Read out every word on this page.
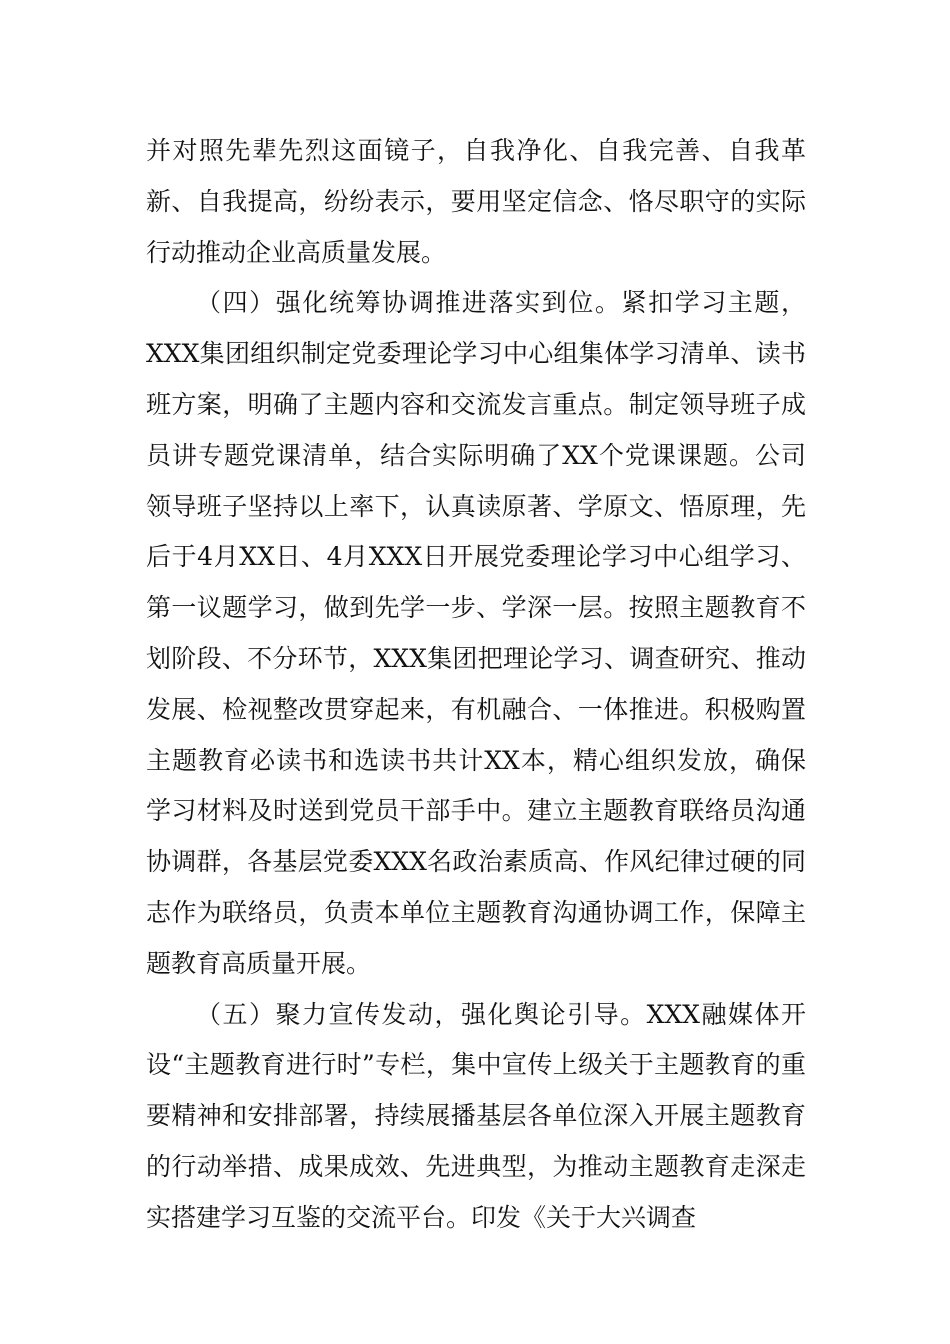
并对照先辈先烈这面镜子，自我净化、自我完善、自我革新、自我提高，纷纷表示，要用坚定信念、恪尽职守的实际行动推动企业高质量发展。

（四）强化统筹协调推进落实到位。紧扣学习主题，XXX集团组织制定党委理论学习中心组集体学习清单、读书班方案，明确了主题内容和交流发言重点。制定领导班子成员讲专题党课清单，结合实际明确了XX个党课课题。公司领导班子坚持以上率下，认真读原著、学原文、悟原理，先后于4月XX日、4月XXX日开展党委理论学习中心组学习、第一议题学习，做到先学一步、学深一层。按照主题教育不划阶段、不分环节，XXX集团把理论学习、调查研究、推动发展、检视整改贯穿起来，有机融合、一体推进。积极购置主题教育必读书和选读书共计XX本，精心组织发放，确保学习材料及时送到党员干部手中。建立主题教育联络员沟通协调群，各基层党委XXX名政治素质高、作风纪律过硬的同志作为联络员，负责本单位主题教育沟通协调工作，保障主题教育高质量开展。

（五）聚力宣传发动，强化舆论引导。XXX融媒体开设“主题教育进行时”专栏，集中宣传上级关于主题教育的重要精神和安排部署，持续展播基层各单位深入开展主题教育的行动举措、成果成效、先进典型，为推动主题教育走深走实搭建学习互鉴的交流平台。印发《关于大兴调查
